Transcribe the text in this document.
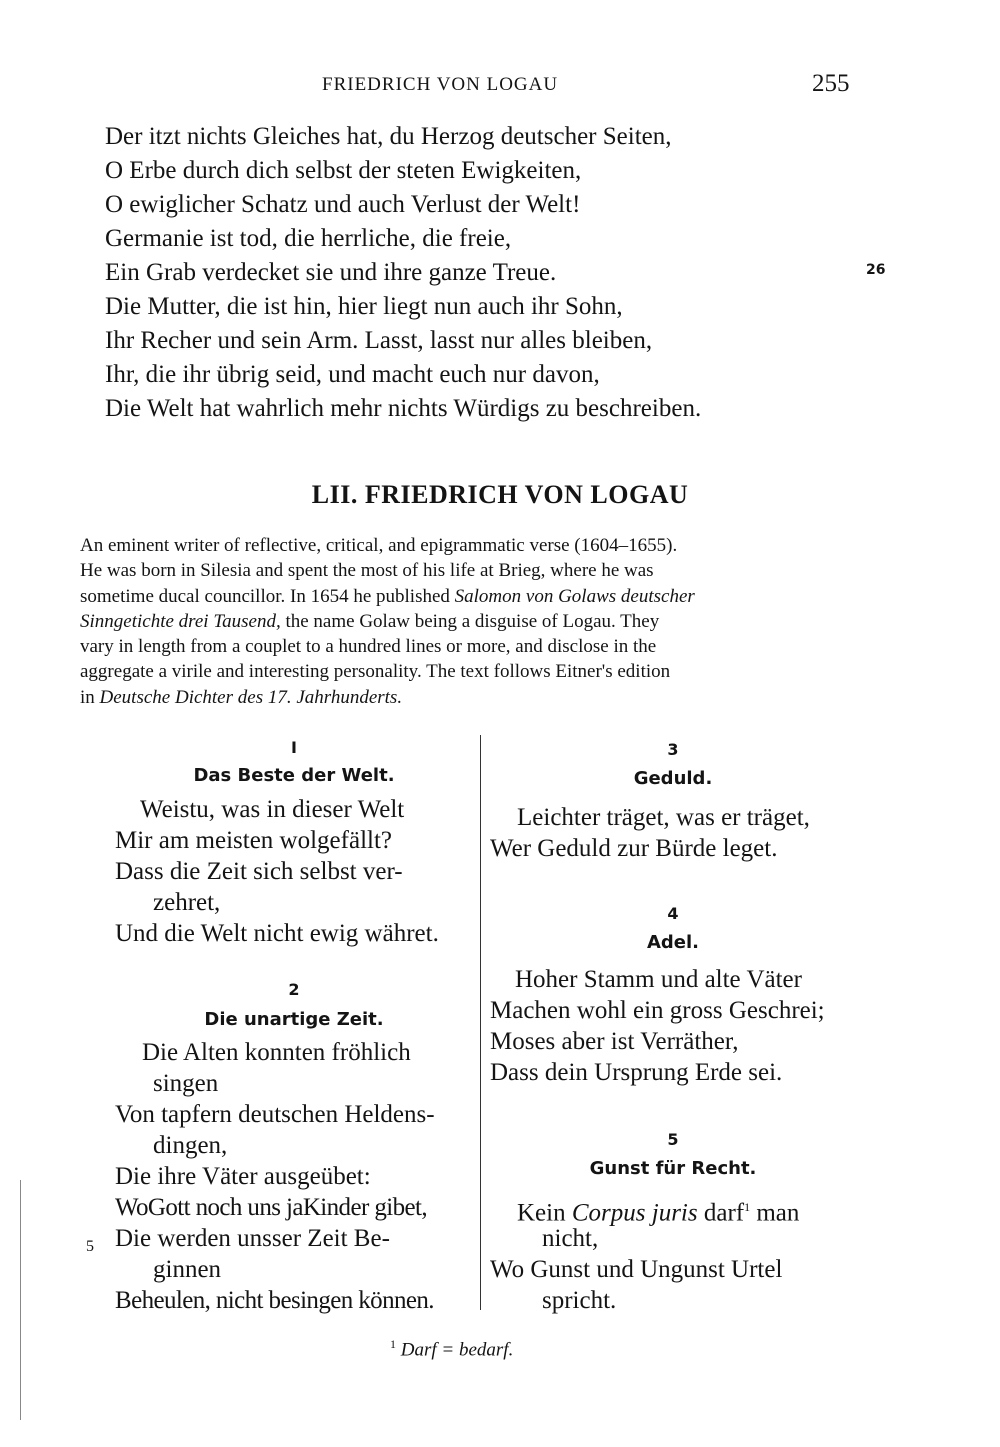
FRIEDRICH VON LOGAU	255
Der itzt nichts Gleiches hat, du Herzog deutscher Seiten,
O Erbe durch dich selbst der steten Ewigkeiten,
O ewiglicher Schatz und auch Verlust der Welt!
Germanie ist tod, die herrliche, die freie,
Ein Grab verdecket sie und ihre ganze Treue.
Die Mutter, die ist hin, hier liegt nun auch ihr Sohn,
Ihr Recher und sein Arm. Lasst, lasst nur alles bleiben,
Ihr, die ihr übrig seid, und macht euch nur davon,
Die Welt hat wahrlich mehr nichts Würdigs zu beschreiben.
26
LII. FRIEDRICH VON LOGAU
An eminent writer of reflective, critical, and epigrammatic verse (1604–1655).
He was born in Silesia and spent the most of his life at Brieg, where he was
sometime ducal councillor. In 1654 he published
Salomon von Golaws deutscher
Sinngetichte drei Tausend,
the name Golaw being a disguise of Logau. They
vary in length from a couplet to a hundred lines or more, and disclose in the
aggregate a virile and interesting personality. The text follows Eitner's edition
in
Deutsche Dichter des 17. Jahrhunderts.
I
Das Beste der Welt.
Weistu, was in dieser Welt
Mir am meisten wolgefällt?
Dass die Zeit sich selbst ver-
zehret,
Und die Welt nicht ewig währet.
2
Die unartige Zeit.
Die Alten konnten fröhlich
singen
Von tapfern deutschen Heldens-
dingen,
Die ihre Väter ausgeübet:
WoGott noch uns jaKinder gibet,
5 Die werden unsser Zeit Be-
ginnen
Beheulen, nicht besingen können.
3
Geduld.
Leichter träget, was er träget,
Wer Geduld zur Bürde leget.
4
Adel.
Hoher Stamm und alte Väter
Machen wohl ein gross Geschrei;
Moses aber ist Verräther,
Dass dein Ursprung Erde sei.
5
Gunst für Recht.
Kein Corpus juris darf$^1$ man
nicht,
Wo Gunst und Ungunst Urtel
spricht.
$^1$ Darf = bedarf.
